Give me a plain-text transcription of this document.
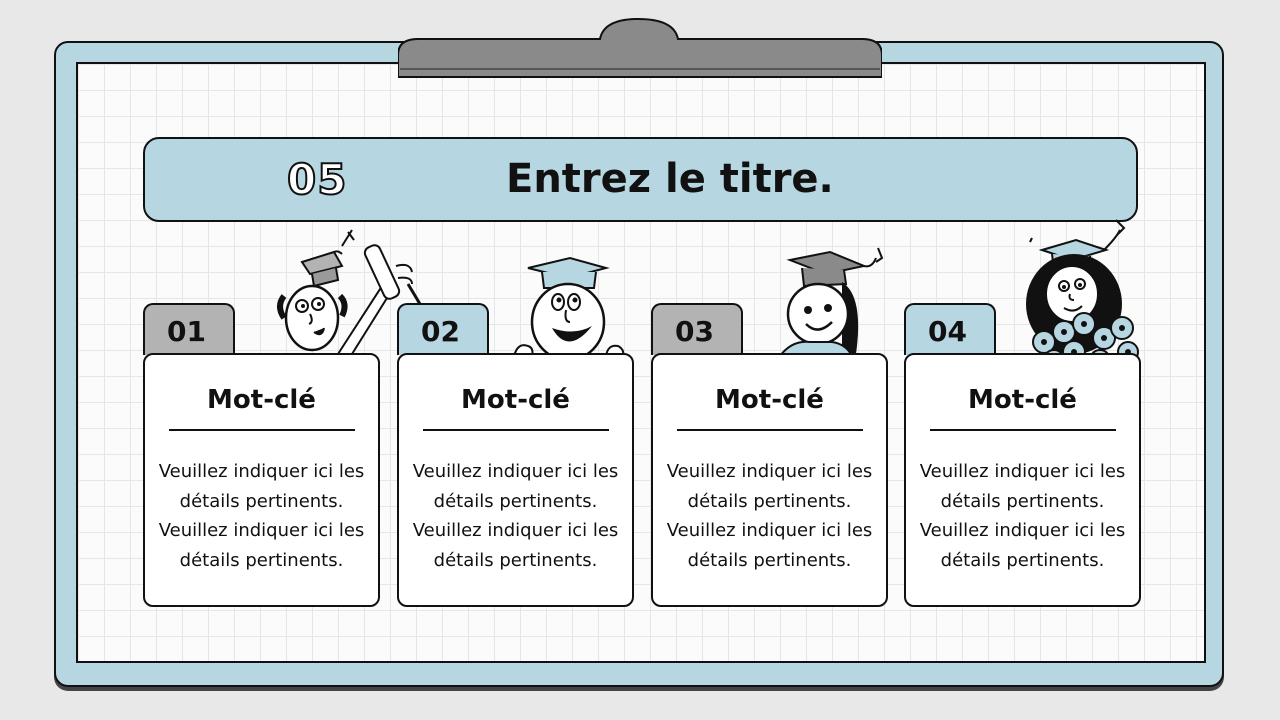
05	Entrez le titre.
01
Mot-clé
Veuillez indiquer ici les détails pertinents. Veuillez indiquer ici les détails pertinents.
02
Mot-clé
Veuillez indiquer ici les détails pertinents. Veuillez indiquer ici les détails pertinents.
03
Mot-clé
Veuillez indiquer ici les détails pertinents. Veuillez indiquer ici les détails pertinents.
04
Mot-clé
Veuillez indiquer ici les détails pertinents. Veuillez indiquer ici les détails pertinents.
